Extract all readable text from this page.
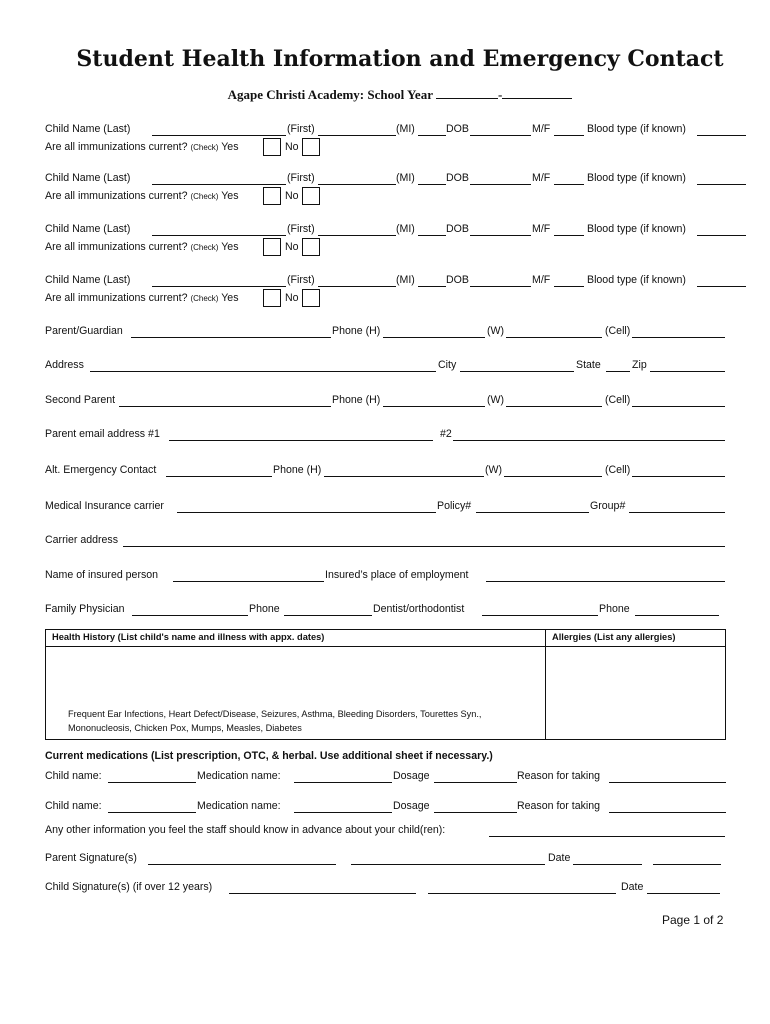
Student Health Information and Emergency Contact
Agape Christi Academy: School Year	-
Child Name (Last)	(First)	(MI)	DOB	M/F	Blood type (if known)
Are all immunizations current? (Check) Yes	No
Child Name (Last)	(First)	(MI)	DOB	M/F	Blood type (if known)
Are all immunizations current? (Check) Yes	No
Child Name (Last)	(First)	(MI)	DOB	M/F	Blood type (if known)
Are all immunizations current? (Check) Yes	No
Child Name (Last)	(First)	(MI)	DOB	M/F	Blood type (if known)
Are all immunizations current? (Check) Yes	No
Parent/Guardian	Phone (H)	(W)	(Cell)
Address	City	State	Zip
Second Parent	Phone (H)	(W)	(Cell)
Parent email address #1	#2
Alt. Emergency Contact	Phone (H)	(W)	(Cell)
Medical Insurance carrier	Policy#	Group#
Carrier address
Name of insured person	Insured’s place of employment
Family Physician	Phone	Dentist/orthodontist	Phone
Health History (List child's name and illness with appx. dates)	Allergies (List any allergies)
Frequent Ear Infections, Heart Defect/Disease, Seizures, Asthma, Bleeding Disorders, Tourettes Syn., Mononucleosis, Chicken Pox, Mumps, Measles, Diabetes
Current medications (List prescription, OTC, & herbal. Use additional sheet if necessary.)
Child name:	Medication name:	Dosage	Reason for taking
Child name:	Medication name:	Dosage	Reason for taking
Any other information you feel the staff should know in advance about your child(ren):
Parent Signature(s)	Date
Child Signature(s) (if over 12 years)	Date
Page 1 of 2
